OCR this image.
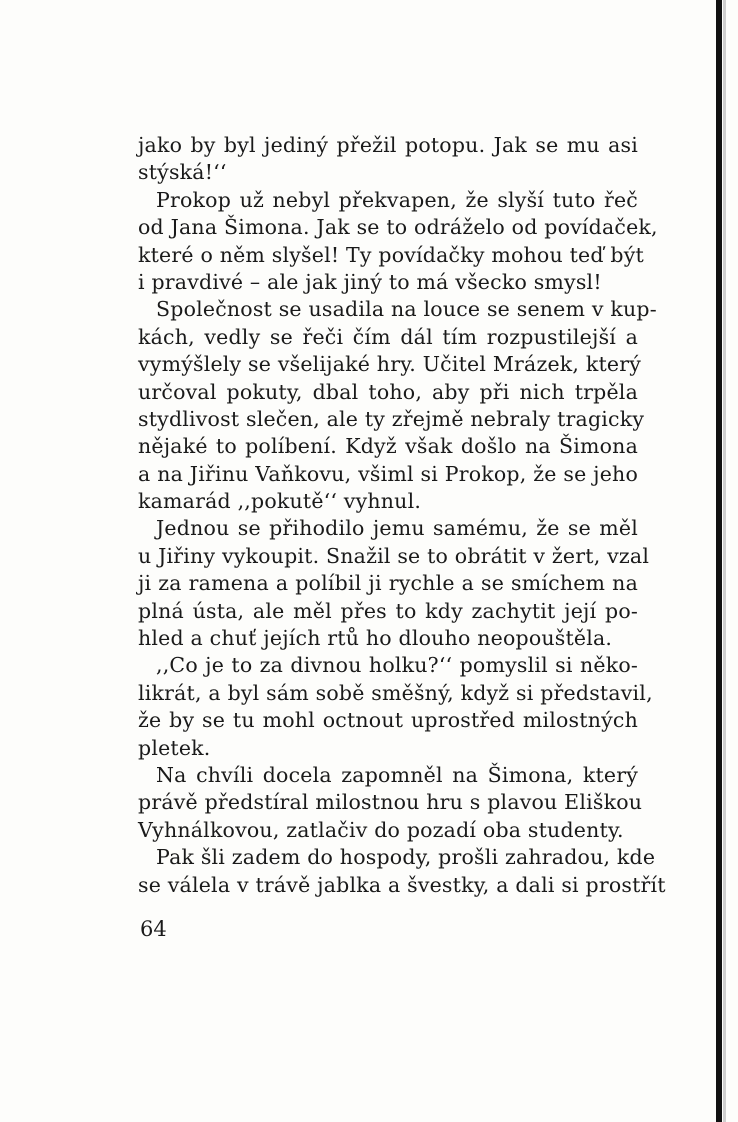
jako by byl jediný přežil potopu. Jak se mu asi
stýská!‘‘
Prokop už nebyl překvapen, že slyší tuto řeč
od Jana Šimona. Jak se to odráželo od povídaček,
které o něm slyšel! Ty povídačky mohou teď být
i pravdivé – ale jak jiný to má všecko smysl!
Společnost se usadila na louce se senem v kup-
kách, vedly se řeči čím dál tím rozpustilejší a
vymýšlely se všelijaké hry. Učitel Mrázek, který
určoval pokuty, dbal toho, aby při nich trpěla
stydlivost slečen, ale ty zřejmě nebraly tragicky
nějaké to políbení. Když však došlo na Šimona
a na Jiřinu Vaňkovu, všiml si Prokop, že se jeho
kamarád ,,pokutě‘‘ vyhnul.
Jednou se přihodilo jemu samému, že se měl
u Jiřiny vykoupit. Snažil se to obrátit v žert, vzal
ji za ramena a políbil ji rychle a se smíchem na
plná ústa, ale měl přes to kdy zachytit její po-
hled a chuť jejích rtů ho dlouho neopouštěla.
,,Co je to za divnou holku?‘‘ pomyslil si něko-
likrát, a byl sám sobě směšný, když si představil,
že by se tu mohl octnout uprostřed milostných
pletek.
Na chvíli docela zapomněl na Šimona, který
právě předstíral milostnou hru s plavou Eliškou
Vyhnálkovou, zatlačiv do pozadí oba studenty.
Pak šli zadem do hospody, prošli zahradou, kde
se válela v trávě jablka a švestky, a dali si prostřít
64
